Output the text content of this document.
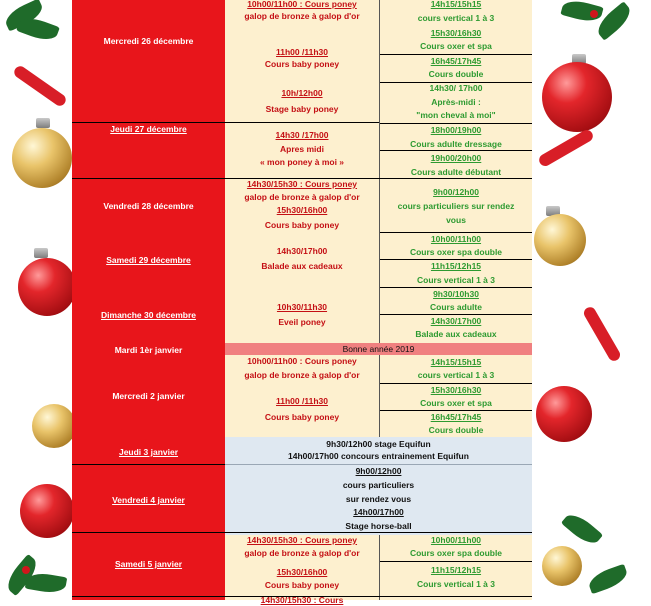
Mercredi 26 décembre
Jeudi 27 décembre
Vendredi 28 décembre
Samedi 29 décembre
Dimanche 30 décembre
Mardi 1èr janvier
Mercredi 2 janvier
Jeudi 3 janvier
Vendredi 4 janvier
Samedi 5 janvier
10h00/11h00 : Cours poney
galop de bronze à galop d'or
11h00 /11h30
Cours baby poney
10h/12h00
Stage baby poney
14h30 /17h00
Apres midi
« mon poney à moi »
14h30/15h30 : Cours poney
galop de bronze à galop d'or
15h30/16h00
Cours baby poney
14h30/17h00
Balade aux cadeaux
10h30/11h30
Eveil poney
Bonne année 2019
10h00/11h00 : Cours poney
galop de bronze à galop d'or
11h00 /11h30
Cours baby poney
9h30/12h00 stage Equifun
14h00/17h00 concours entrainement Equifun
9h00/12h00
cours particuliers
sur rendez vous
14h00/17h00
Stage horse-ball
14h30/15h30 : Cours poney
galop de bronze à galop d'or
15h30/16h00
Cours baby poney
14h30/15h30 : Cours
14h15/15h15
cours vertical 1 à 3
15h30/16h30
Cours oxer et spa
16h45/17h45
Cours double
14h30/ 17h00
Après-midi :
"mon cheval à moi"
18h00/19h00
Cours adulte dressage
19h00/20h00
Cours adulte débutant
9h00/12h00
cours particuliers sur rendez
vous
10h00/11h00
Cours oxer spa double
11h15/12h15
Cours vertical 1 à 3
9h30/10h30
Cours adulte
14h30/17h00
Balade aux cadeaux
14h15/15h15
cours vertical 1 à 3
15h30/16h30
Cours oxer et spa
16h45/17h45
Cours double
10h00/11h00
Cours oxer spa double
11h15/12h15
Cours vertical 1 à 3
